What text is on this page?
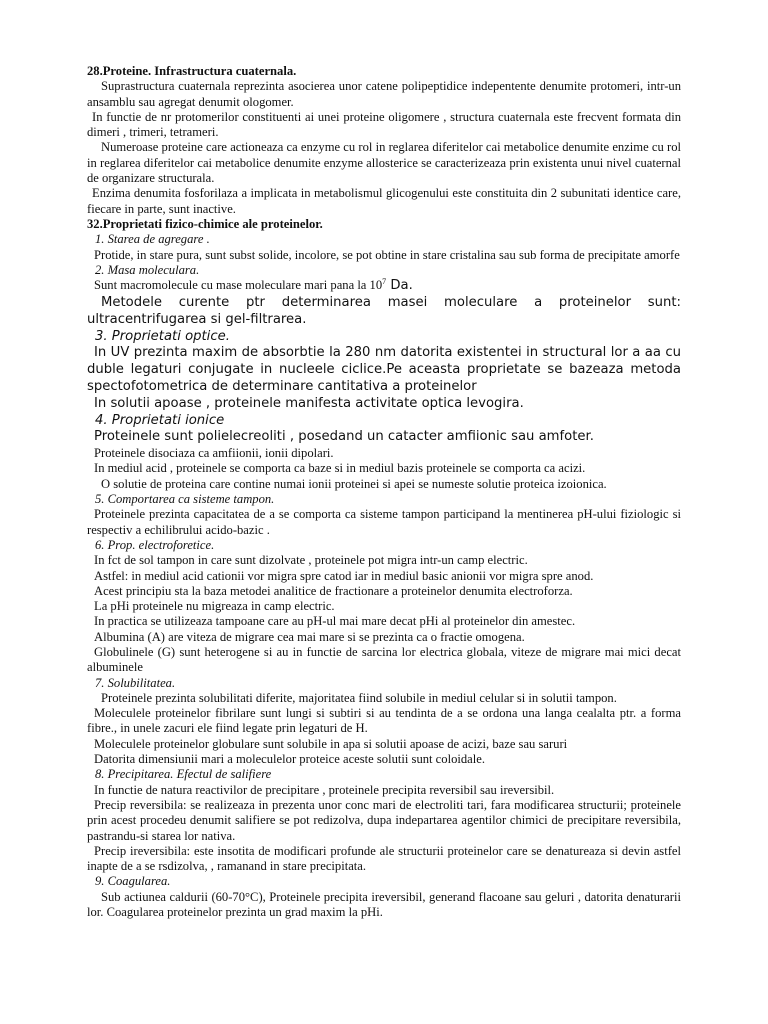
28.Proteine. Infrastructura cuaternala.

Suprastructura cuaternala reprezinta asocierea unor catene polipeptidice indepentente denumite protomeri, intr-un ansamblu sau agregat denumit ologomer.

In functie de nr protomerilor constituenti ai unei proteine oligomere , structura cuaternala este frecvent formata din dimeri , trimeri, tetrameri.

Numeroase proteine care actioneaza ca enzyme cu rol in reglarea diferitelor cai metabolice denumite enzime cu rol in reglarea diferitelor cai metabolice denumite enzyme allosterice se caracterizeaza prin existenta unui nivel cuaternal de organizare structurala.

Enzima denumita fosforilaza a implicata in metabolismul glicogenului este constituita din 2 subunitati identice care, fiecare in parte, sunt inactive.

32.Proprietati fizico-chimice ale proteinelor.

1. Starea de agregare .

Protide, in stare pura, sunt subst solide, incolore, se pot obtine in stare cristalina sau sub forma de precipitate amorfe

2. Masa moleculara.

Sunt macromolecule cu mase moleculare mari pana la $10^7$ Da.

Metodele curente ptr determinarea masei moleculare a proteinelor sunt: ultracentrifugarea si gel-filtrarea.

3. Proprietati optice.

In UV prezinta maxim de absorbtie la 280 nm datorita existentei in structural lor a aa cu duble legaturi conjugate in nucleele ciclice.Pe aceasta proprietate se bazeaza metoda spectofotometrica de determinare cantitativa a proteinelor

In solutii apoase , proteinele manifesta activitate optica levogira.

4. Proprietati ionice

Proteinele sunt polielecreoliti , posedand un catacter amfiionic sau amfoter.

Proteinele disociaza ca amfiionii, ionii dipolari.

In mediul acid , proteinele se comporta ca baze si in mediul bazis proteinele se comporta ca acizi.

O solutie de proteina care contine numai ionii proteinei si apei se numeste solutie proteica izoionica.

5. Comportarea ca sisteme tampon.

Proteinele prezinta capacitatea de a se comporta ca sisteme tampon participand la mentinerea pH-ului fiziologic si respectiv a echilibrului acido-bazic .

6. Prop. electroforetice.

In fct de sol tampon in care sunt dizolvate , proteinele pot migra intr-un camp electric.

Astfel: in mediul acid cationii vor migra spre catod iar in mediul basic anionii vor migra spre anod.

Acest principiu sta la baza metodei analitice de fractionare a proteinelor denumita electroforza.

La pHi proteinele nu migreaza in camp electric.

In practica se utilizeaza tampoane care au pH-ul mai mare decat pHi al proteinelor din amestec.

Albumina (A) are viteza de migrare cea mai mare si se prezinta ca o fractie omogena.

Globulinele (G) sunt heterogene si au in functie de sarcina lor electrica globala, viteze de migrare mai mici decat albuminele

7. Solubilitatea.

Proteinele prezinta solubilitati diferite, majoritatea fiind solubile in mediul celular si in solutii tampon.

Moleculele proteinelor fibrilare sunt lungi si subtiri si au tendinta de a se ordona una langa cealalta ptr. a forma fibre., in unele zacuri ele fiind legate prin legaturi de H.

Moleculele proteinelor globulare sunt solubile in apa si solutii apoase de acizi, baze sau saruri

Datorita dimensiunii mari a moleculelor proteice aceste solutii sunt coloidale.

8. Precipitarea. Efectul de salifiere

In functie de natura reactivilor de precipitare , proteinele precipita reversibil sau ireversibil.

Precip reversibila: se realizeaza in prezenta unor conc mari de electroliti tari, fara modificarea structurii; proteinele prin acest procedeu denumit salifiere se pot redizolva, dupa indepartarea agentilor chimici de precipitare reversibila, pastrandu-si starea lor nativa.

Precip ireversibila: este insotita de modificari profunde ale structurii proteinelor care se denatureaza si devin astfel inapte de a se rsdizolva, , ramanand in stare precipitata.

9. Coagularea.

Sub actiunea caldurii (60-70°C), Proteinele precipita ireversibil, generand flacoane sau geluri , datorita denaturarii lor. Coagularea proteinelor prezinta un grad maxim la pHi.
